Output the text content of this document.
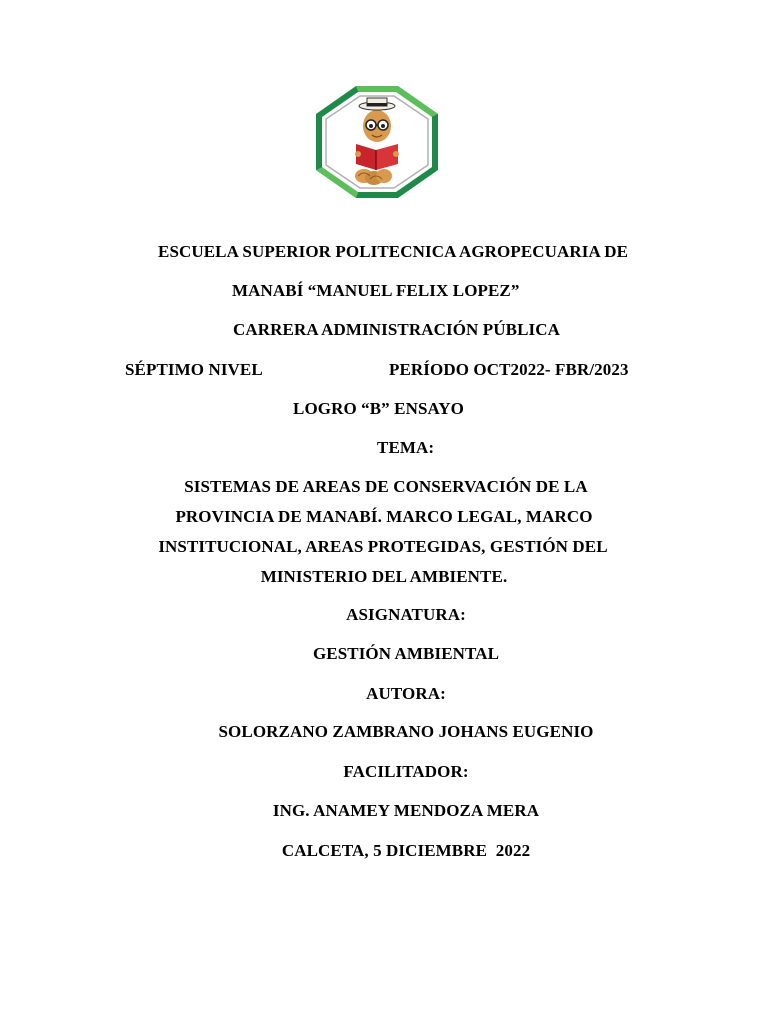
ESCUELA SUPERIOR POLITECNICA AGROPECUARIA DE
MANABÍ “MANUEL FELIX LOPEZ”
CARRERA ADMINISTRACIÓN PÚBLICA
SÉPTIMO NIVEL	PERÍODO OCT2022- FBR/2023
LOGRO “B” ENSAYO
TEMA:
SISTEMAS DE AREAS DE CONSERVACIÓN DE LA
PROVINCIA DE MANABÍ. MARCO LEGAL, MARCO
INSTITUCIONAL, AREAS PROTEGIDAS, GESTIÓN DEL
MINISTERIO DEL AMBIENTE.
ASIGNATURA:
GESTIÓN AMBIENTAL
AUTORA:
SOLORZANO ZAMBRANO JOHANS EUGENIO
FACILITADOR:
ING. ANAMEY MENDOZA MERA
CALCETA, 5 DICIEMBRE  2022
